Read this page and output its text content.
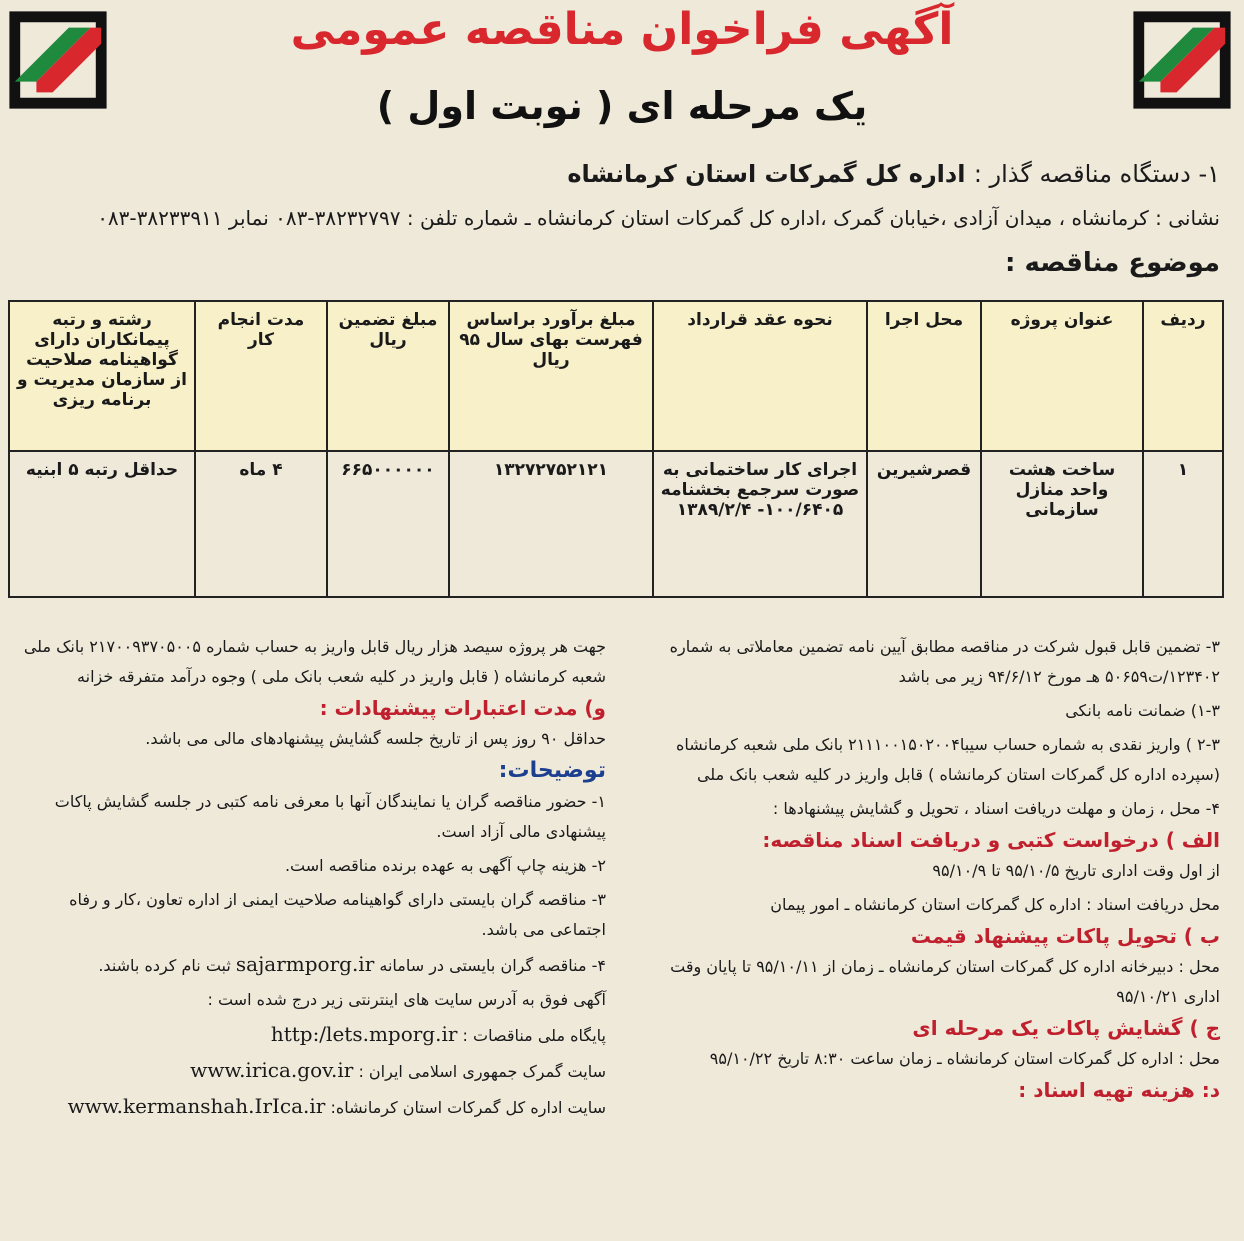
آگهی فراخوان مناقصه عمومی
یک مرحله ای ( نوبت اول )
۱- دستگاه مناقصه گذار : اداره کل گمرکات استان کرمانشاه
نشانی : کرمانشاه ، میدان آزادی ،خیابان گمرک ،اداره کل گمرکات استان کرمانشاه ـ شماره تلفن : ۳۸۲۳۲۷۹۷-۰۸۳ نمابر ۳۸۲۳۳۹۱۱-۰۸۳
موضوع مناقصه :
ردیف	عنوان پروژه	محل اجرا	نحوه عقد قرارداد	مبلغ برآورد براساس فهرست بهای سال ۹۵ ریال	مبلغ تضمین ریال	مدت انجام کار	رشته و رتبه پیمانکاران دارای گواهینامه صلاحیت از سازمان مدیریت و برنامه ریزی
۱	ساخت هشت واحد منازل سازمانی	قصرشیرین	اجرای کار ساختمانی به صورت سرجمع بخشنامه ۱۰۰/۶۴۰۵- ۱۳۸۹/۲/۴	۱۳۲۷۲۷۵۲۱۲۱	۶۶۵۰۰۰۰۰۰	۴ ماه	حداقل رتبه ۵ ابنیه

۳- تضمین قابل قبول شرکت در مناقصه مطابق آیین نامه تضمین معاملاتی به شماره ۱۲۳۴۰۲/ت۵۰۶۵۹ هـ مورخ ۹۴/۶/۱۲ زیر می باشد

۱-۳) ضمانت نامه بانکی

۲-۳ ) واریز نقدی به شماره حساب سیبا۲۱۱۱۰۰۱۵۰۲۰۰۴ بانک ملی شعبه کرمانشاه (سپرده اداره کل گمرکات استان کرمانشاه ) قابل واریز در کلیه شعب بانک ملی

۴- محل ، زمان و مهلت دریافت اسناد ، تحویل و گشایش پیشنهادها :

الف ) درخواست کتبی و دریافت اسناد مناقصه:

از اول وقت اداری تاریخ ۹۵/۱۰/۵ تا ۹۵/۱۰/۹

محل دریافت اسناد : اداره کل گمرکات استان کرمانشاه ـ امور پیمان

ب ) تحویل پاکات پیشنهاد قیمت

محل : دبیرخانه اداره کل گمرکات استان کرمانشاه ـ زمان از ۹۵/۱۰/۱۱ تا پایان وقت اداری ۹۵/۱۰/۲۱

ج ) گشایش پاکات یک مرحله ای

محل : اداره کل گمرکات استان کرمانشاه ـ زمان ساعت ۸:۳۰ تاریخ ۹۵/۱۰/۲۲

د: هزینه تهیه اسناد :

جهت هر پروژه سیصد هزار ریال قابل واریز به حساب شماره ۲۱۷۰۰۹۳۷۰۵۰۰۵ بانک ملی شعبه کرمانشاه ( قابل واریز در کلیه شعب بانک ملی ) وجوه درآمد متفرقه خزانه

و) مدت اعتبارات پیشنهادات :

حداقل ۹۰ روز پس از تاریخ جلسه گشایش پیشنهادهای مالی می باشد.

توضیحات:

۱- حضور مناقصه گران یا نمایندگان آنها با معرفی نامه کتبی در جلسه گشایش پاکات پیشنهادی مالی آزاد است.

۲- هزینه چاپ آگهی به عهده برنده مناقصه است.

۳- مناقصه گران بایستی دارای گواهینامه صلاحیت ایمنی از اداره تعاون ،کار و رفاه اجتماعی می باشد.

۴- مناقصه گران بایستی در سامانه sajarmporg.ir ثبت نام کرده باشند.

آگهی فوق به آدرس سایت های اینترنتی زیر درج شده است :

پایگاه ملی مناقصات : http:/lets.mporg.ir

سایت گمرک جمهوری اسلامی ایران : www.irica.gov.ir

سایت اداره کل گمرکات استان کرمانشاه: www.kermanshah.IrIca.ir
